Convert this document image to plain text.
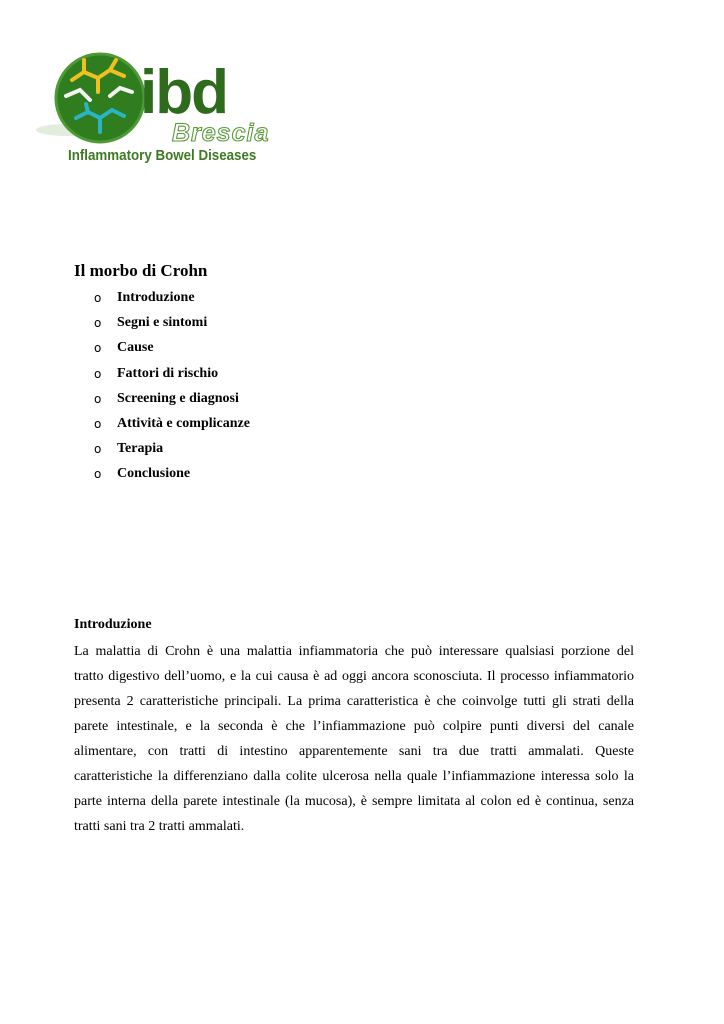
ibd
Brescia
Inflammatory Bowel Diseases
Il morbo di Crohn
o	Introduzione
o	Segni e sintomi
o	Cause
o	Fattori di rischio
o	Screening e diagnosi
o	Attività e complicanze
o	Terapia
o	Conclusione
Introduzione
La malattia di Crohn è una malattia infiammatoria che può interessare qualsiasi porzione del
tratto digestivo dell’uomo, e la cui causa è ad oggi ancora sconosciuta. Il processo infiammatorio
presenta 2 caratteristiche principali. La prima caratteristica è che coinvolge tutti gli strati della
parete intestinale, e la seconda è che l’infiammazione può colpire punti diversi del canale
alimentare, con tratti di intestino apparentemente sani tra due tratti ammalati. Queste
caratteristiche la differenziano dalla colite ulcerosa nella quale l’infiammazione interessa solo la
parte interna della parete intestinale (la mucosa), è sempre limitata al colon ed è continua, senza
tratti sani tra 2 tratti ammalati.
